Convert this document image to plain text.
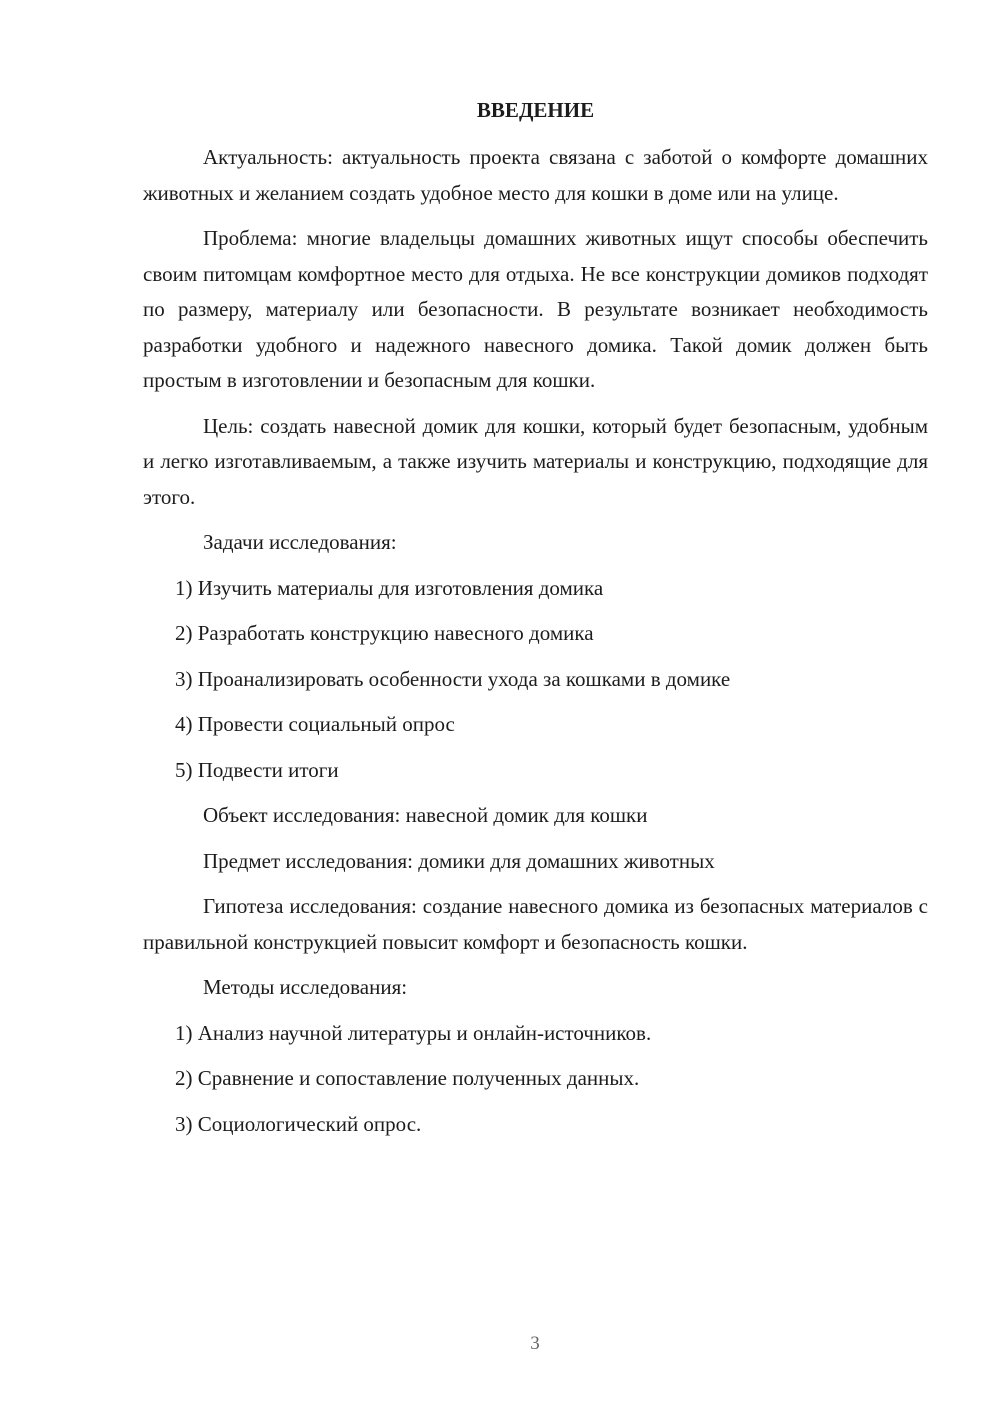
ВВЕДЕНИЕ

Актуальность: актуальность проекта связана с заботой о комфорте домашних животных и желанием создать удобное место для кошки в доме или на улице.

Проблема: многие владельцы домашних животных ищут способы обеспечить своим питомцам комфортное место для отдыха. Не все конструкции домиков подходят по размеру, материалу или безопасности. В результате возникает необходимость разработки удобного и надежного навесного домика. Такой домик должен быть простым в изготовлении и безопасным для кошки.

Цель: создать навесной домик для кошки, который будет безопасным, удобным и легко изготавливаемым, а также изучить материалы и конструкцию, подходящие для этого.

Задачи исследования:
1) Изучить материалы для изготовления домика
2) Разработать конструкцию навесного домика
3) Проанализировать особенности ухода за кошками в домике
4) Провести социальный опрос
5) Подвести итоги
Объект исследования: навесной домик для кошки
Предмет исследования: домики для домашних животных

Гипотеза исследования: создание навесного домика из безопасных материалов с правильной конструкцией повысит комфорт и безопасность кошки.

Методы исследования:
1) Анализ научной литературы и онлайн-источников.
2) Сравнение и сопоставление полученных данных.
3) Социологический опрос.
3
